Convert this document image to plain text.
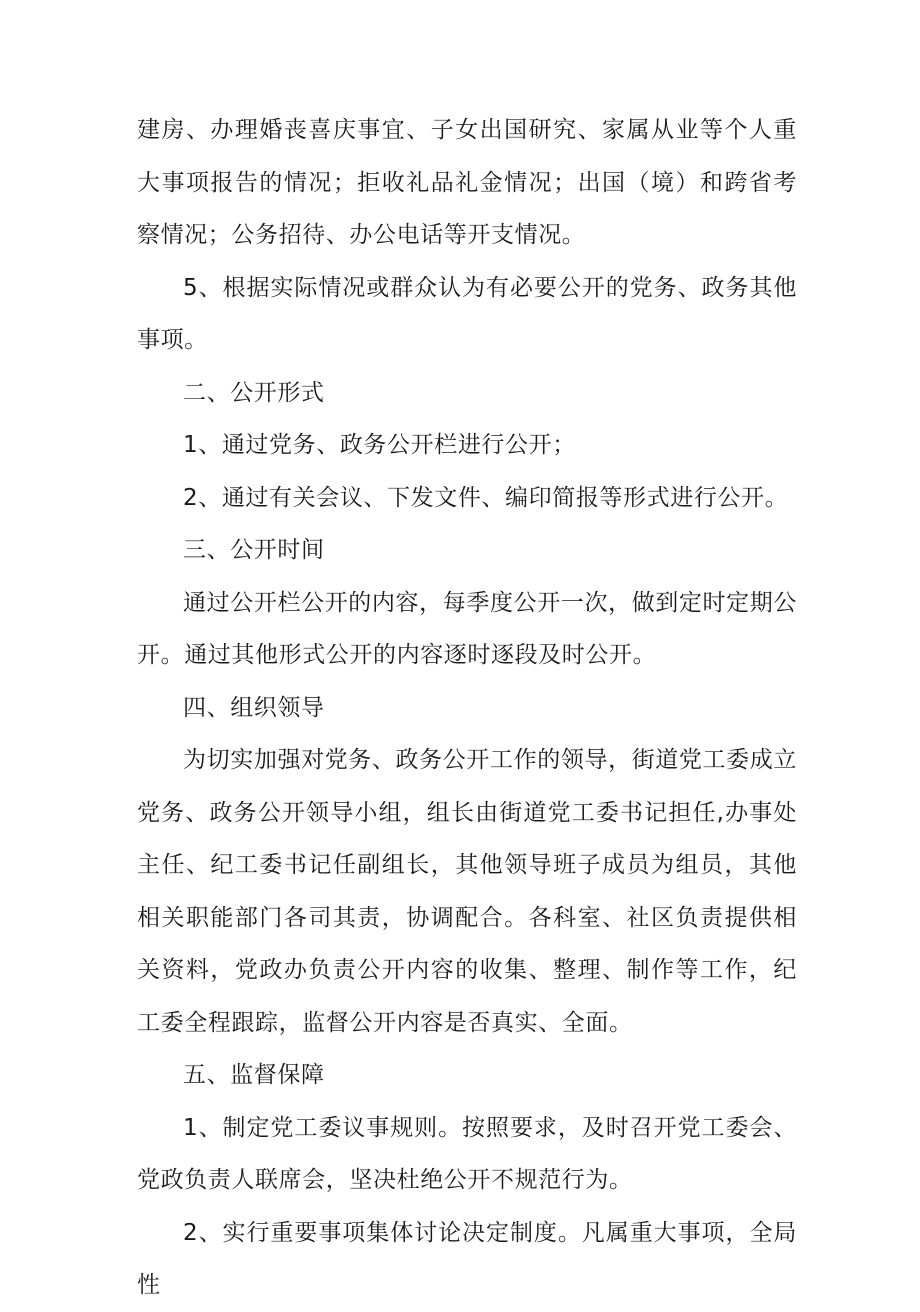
建房、办理婚丧喜庆事宜、子女出国研究、家属从业等个人重大事项报告的情况；拒收礼品礼金情况；出国（境）和跨省考察情况；公务招待、办公电话等开支情况。

5、根据实际情况或群众认为有必要公开的党务、政务其他事项。

二、公开形式

1、通过党务、政务公开栏进行公开；

2、通过有关会议、下发文件、编印简报等形式进行公开。

三、公开时间

通过公开栏公开的内容，每季度公开一次，做到定时定期公开。通过其他形式公开的内容逐时逐段及时公开。

四、组织领导

为切实加强对党务、政务公开工作的领导，街道党工委成立党务、政务公开领导小组，组长由街道党工委书记担任,办事处主任、纪工委书记任副组长，其他领导班子成员为组员，其他相关职能部门各司其责，协调配合。各科室、社区负责提供相关资料，党政办负责公开内容的收集、整理、制作等工作，纪工委全程跟踪，监督公开内容是否真实、全面。

五、监督保障

1、制定党工委议事规则。按照要求，及时召开党工委会、党政负责人联席会，坚决杜绝公开不规范行为。

2、实行重要事项集体讨论决定制度。凡属重大事项，全局性
